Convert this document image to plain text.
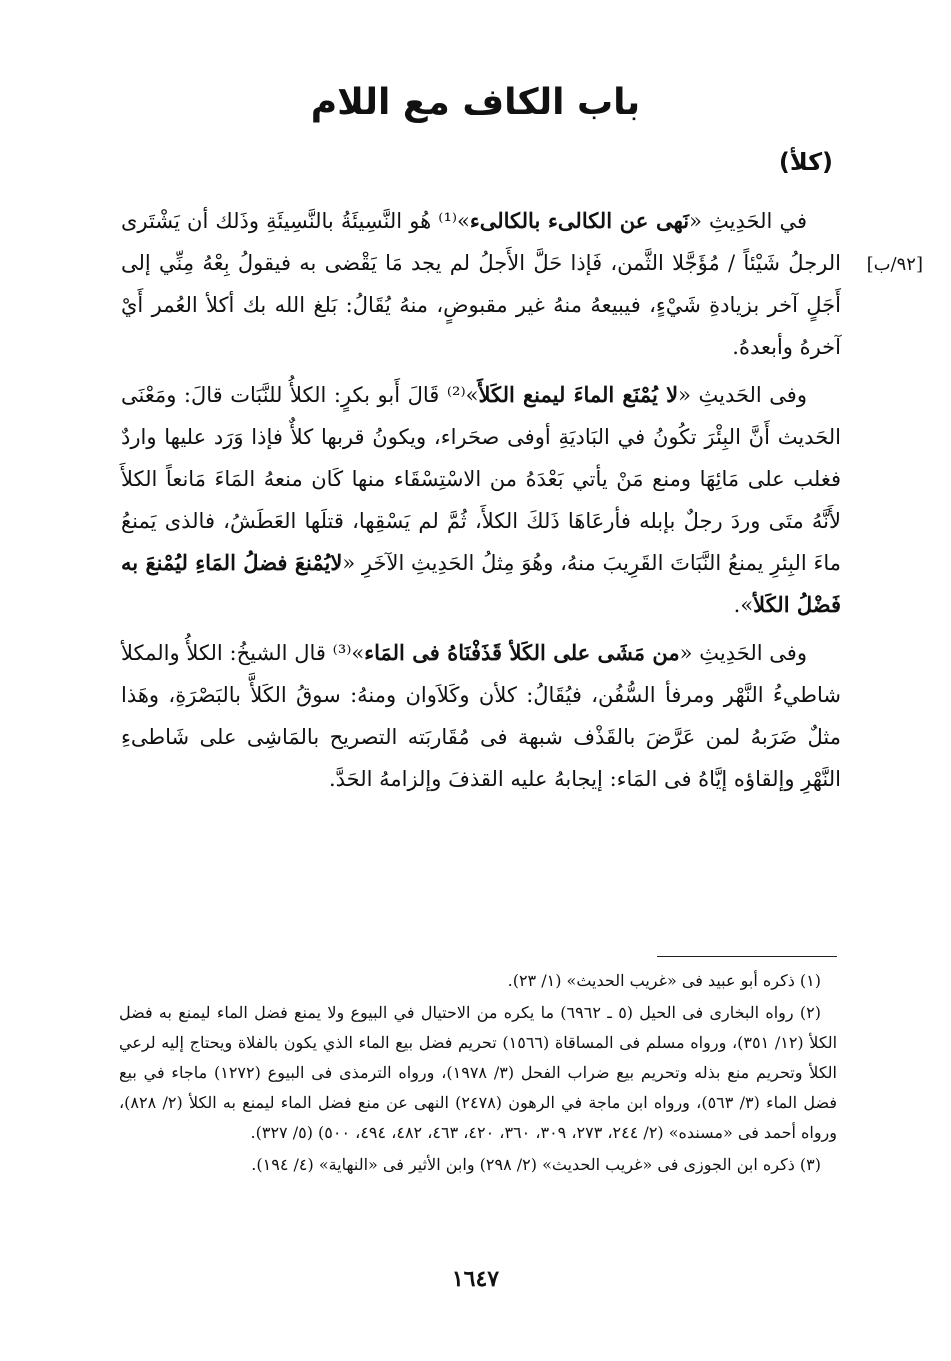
باب الكاف مع اللام
(كلأ)
[٩٢/ب]

في الحَدِيثِ «نَهى عن الكالىء بالكالىء»⁽¹⁾ هُو النَّسِيئَةُ بالنَّسِيئَةِ وذَلك أن يَشْتَرى الرجلُ شَيْئاً / مُؤَجَّلا الثَّمن، فَإذا حَلَّ الأَجلُ لم يجد مَا يَقْضى به فيقولُ بِعْهُ مِنِّي إلى أَجَلٍ آخر بزيادةِ شَيْءٍ، فيبيعهُ منهُ غير مقبوضٍ، منهُ يُقَالُ: بَلغ الله بك أكلأ العُمر أَيْ آخرهُ وأبعدهُ.

وفى الحَديثِ «لا يُمْنَع الماءَ ليمنع الكَلأَ»⁽²⁾ قَالَ أَبو بكرٍ: الكلأُ للنَّبَات قالَ: ومَعْنَى الحَديث أَنَّ البِئْرَ تكُونُ في البَاديَةِ أوفى صحَراء، ويكونُ قربها كلأٌ فإذا وَرَد عليها واردٌ فغلب على مَائِهَا ومنع مَنْ يأتي بَعْدَهُ من الاسْتِسْقَاء منها كَان منعهُ المَاءَ مَانعاً الكلأَ لأَنَّهُ متَى وردَ رجلٌ بإبله فأرعَاهَا ذَلكَ الكلأَ، ثُمَّ لم يَسْقِها، قتلَها العَطَشُ، فالذى يَمنعُ ماءَ البِئرِ يمنعُ النَّبَاتَ القَرِيبَ منهُ، وهُوَ مِثلُ الحَدِيثِ الآخَرِ «لايُمْنعَ فضلُ المَاءِ ليُمْنعَ به فَضْلُ الكَلأ».

وفى الحَدِيثِ «من مَشَى على الكَلأ قَذَفْنَاهُ فى المَاء»⁽³⁾ قال الشيخُ: الكلأُ والمكلأ شاطيءُ النَّهْر ومرفأ السُّفُن، فيُقَالُ: كلأن وكَلاَوان ومنهُ: سوقُ الكَلأَّ بالبَصْرَةِ، وهَذا مثلٌ ضَرَبهُ لمن عَرَّضَ بالقَذْف شبهة فى مُقَاربَته التصريح بالمَاشِى على شَاطىءِ النَّهْرِ وإلقاؤه إيَّاهُ فى المَاء: إيجابهُ عليه القذفَ وإلزامهُ الحَدَّ.

(١) ذكره أبو عبيد فى «غريب الحديث» (١/ ٢٣).

(٢) رواه البخارى فى الحيل (٥ ـ ٦٩٦٢) ما يكره من الاحتيال في البيوع ولا يمنع فضل الماء ليمنع به فضل الكلأ (١٢/ ٣٥١)، ورواه مسلم فى المساقاة (١٥٦٦) تحريم فضل بيع الماء الذي يكون بالفلاة ويحتاج إليه لرعي الكلأ وتحريم منع بذله وتحريم بيع ضراب الفحل (٣/ ١٩٧٨)، ورواه الترمذى فى البيوع (١٢٧٢) ماجاء في بيع فضل الماء (٣/ ٥٦٣)، ورواه ابن ماجة في الرهون (٢٤٧٨) النهى عن منع فضل الماء ليمنع به الكلأ (٢/ ٨٢٨)، ورواه أحمد فى «مسنده» (٢/ ٢٤٤، ٢٧٣، ٣٠٩، ٣٦٠، ٤٢٠، ٤٦٣، ٤٨٢، ٤٩٤، ٥٠٠) (٥/ ٣٢٧).

(٣) ذكره ابن الجوزى فى «غريب الحديث» (٢/ ٢٩٨) وابن الأثير فى «النهاية» (٤/ ١٩٤).

١٦٤٧
